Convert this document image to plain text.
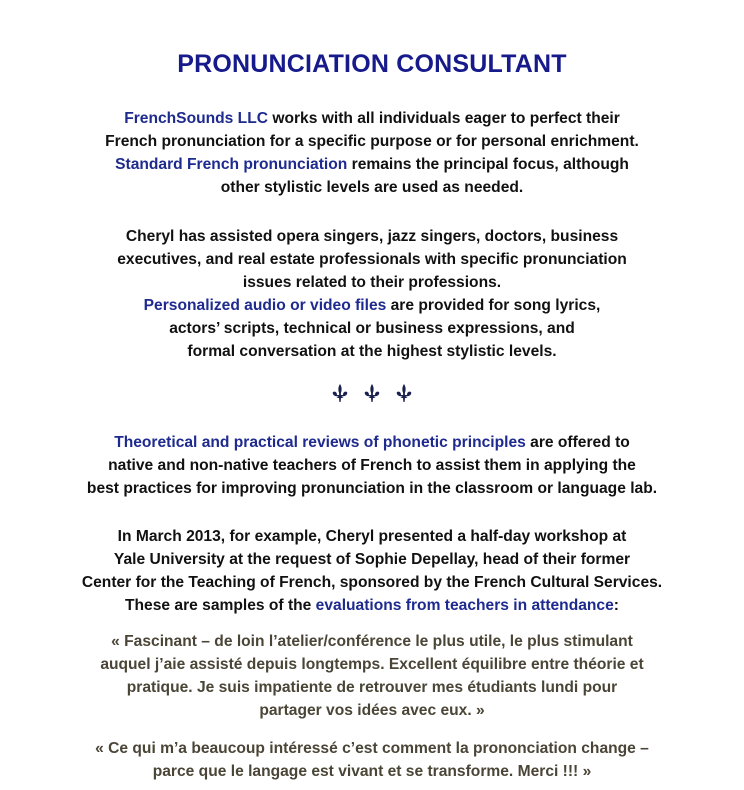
PRONUNCIATION CONSULTANT
FrenchSounds LLC works with all individuals eager to perfect their
French pronunciation for a specific purpose or for personal enrichment.
Standard French pronunciation remains the principal focus, although
other stylistic levels are used as needed.
Cheryl has assisted opera singers, jazz singers, doctors, business
executives, and real estate professionals with specific pronunciation
issues related to their professions.
Personalized audio or video files are provided for song lyrics,
actors’ scripts, technical or business expressions, and
formal conversation at the highest stylistic levels.
Theoretical and practical reviews of phonetic principles are offered to
native and non-native teachers of French to assist them in applying the
best practices for improving pronunciation in the classroom or language lab.
In March 2013, for example, Cheryl presented a half-day workshop at
Yale University at the request of Sophie Depellay, head of their former
Center for the Teaching of French, sponsored by the French Cultural Services.
These are samples of the evaluations from teachers in attendance:
« Fascinant – de loin l’atelier/conférence le plus utile, le plus stimulant
auquel j’aie assisté depuis longtemps. Excellent équilibre entre théorie et
pratique. Je suis impatiente de retrouver mes étudiants lundi pour
partager vos idées avec eux. »
« Ce qui m’a beaucoup intéressé c’est comment la prononciation change –
parce que le langage est vivant et se transforme. Merci !!! »
